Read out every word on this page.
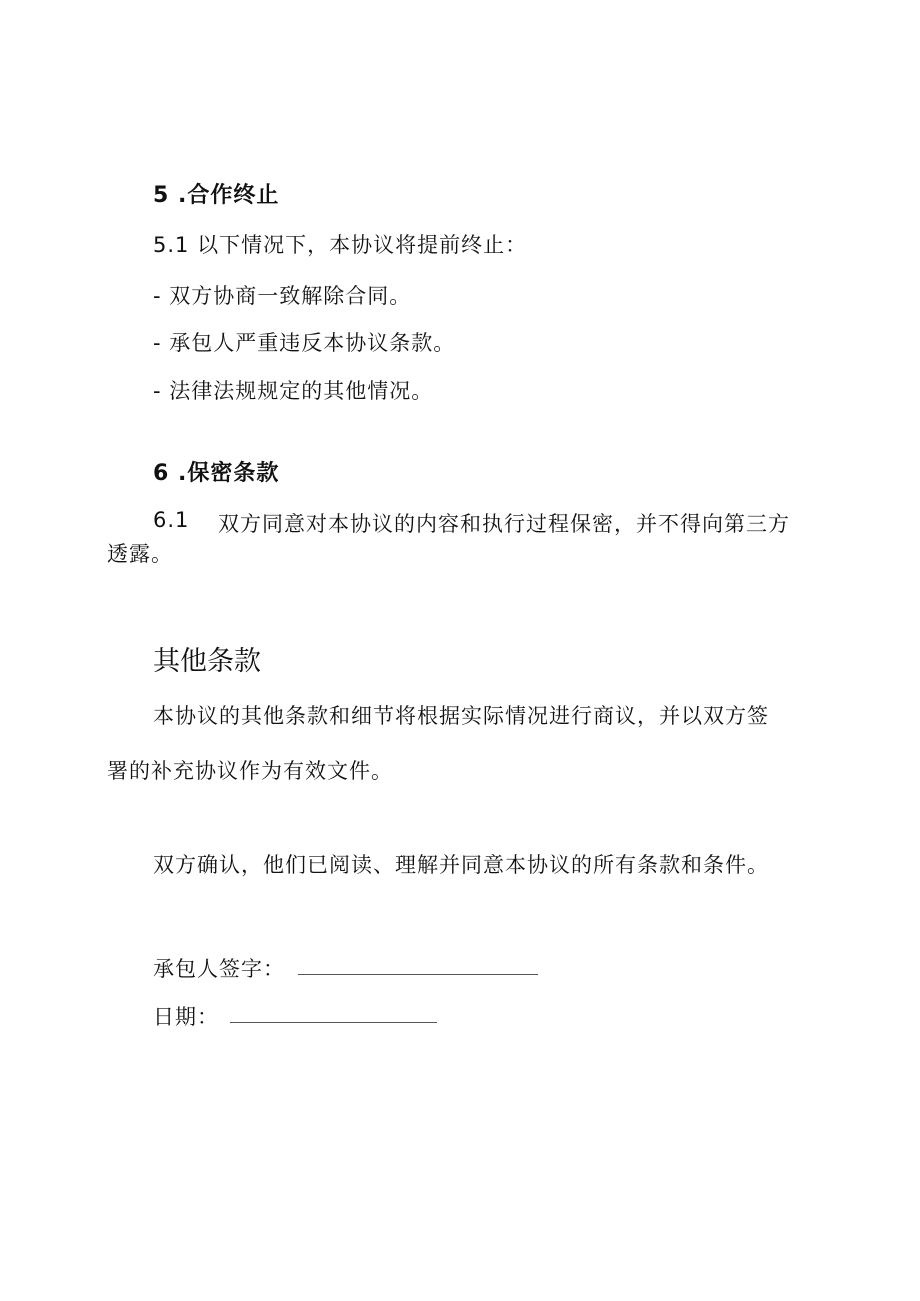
5 .合作终止
5.1 以下情况下，本协议将提前终止：
- 双方协商一致解除合同。
- 承包人严重违反本协议条款。
- 法律法规规定的其他情况。
6 .保密条款
6.1 双方同意对本协议的内容和执行过程保密，并不得向第三方
透露。
其他条款
本协议的其他条款和细节将根据实际情况进行商议，并以双方签
署的补充协议作为有效文件。
双方确认，他们已阅读、理解并同意本协议的所有条款和条件。
承包人签字：
日期：
